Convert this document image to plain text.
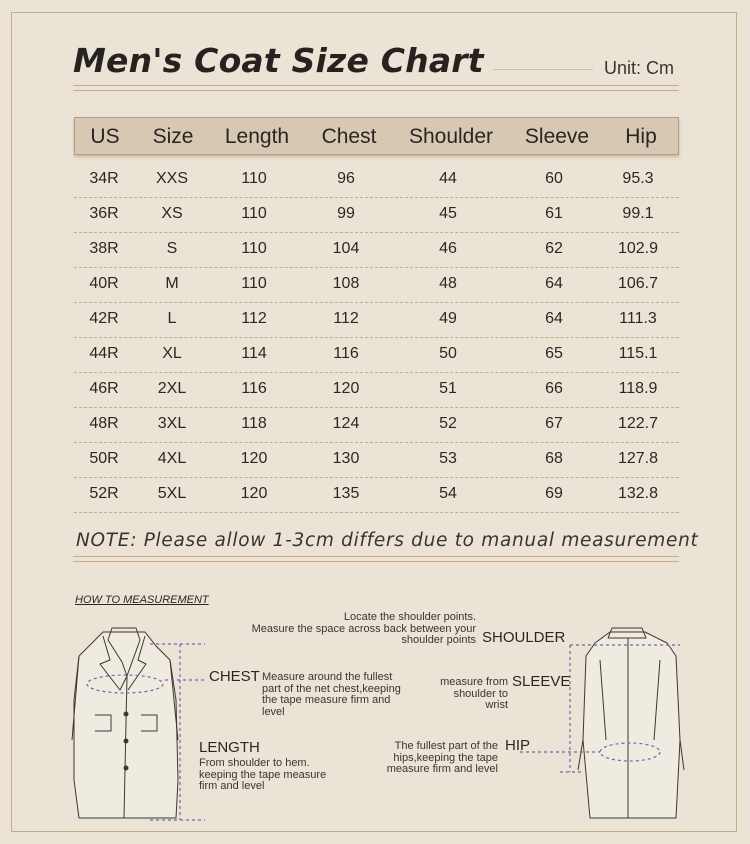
Men's Coat Size Chart	Unit: Cm
US Size Length Chest Shoulder Sleeve Hip
34R XXS	110	96	44	60	95.3
36R	XS	110	99	45	61	99.1
38R	S	110	104	46	62	102.9
40R	M	110	108	48	64	106.7
42R	L	112	112	49	64	111.3
44R	XL	114	116	50	65	115.1
46R 2XL	116	120	51	66	118.9
48R 3XL	118	124	52	67	122.7
50R 4XL	120	130	53	68	127.8
52R 5XL	120	135	54	69	132.8
NOTE: Please allow 1-3cm differs due to manual measurement
HOW TO MEASUREMENT
CHEST Measure around the fullest
part of the net chest,keeping
the tape measure firm and
level
LENGTH
From shoulder to hem.
keeping the tape measure
firm and level
Locate the shoulder points.
Measure the space across back between your
shoulder points SHOULDER
measure from
shoulder to
wrist
SLEEVE
The fullest part of the
hips,keeping the tape
measure firm and level
HIP
